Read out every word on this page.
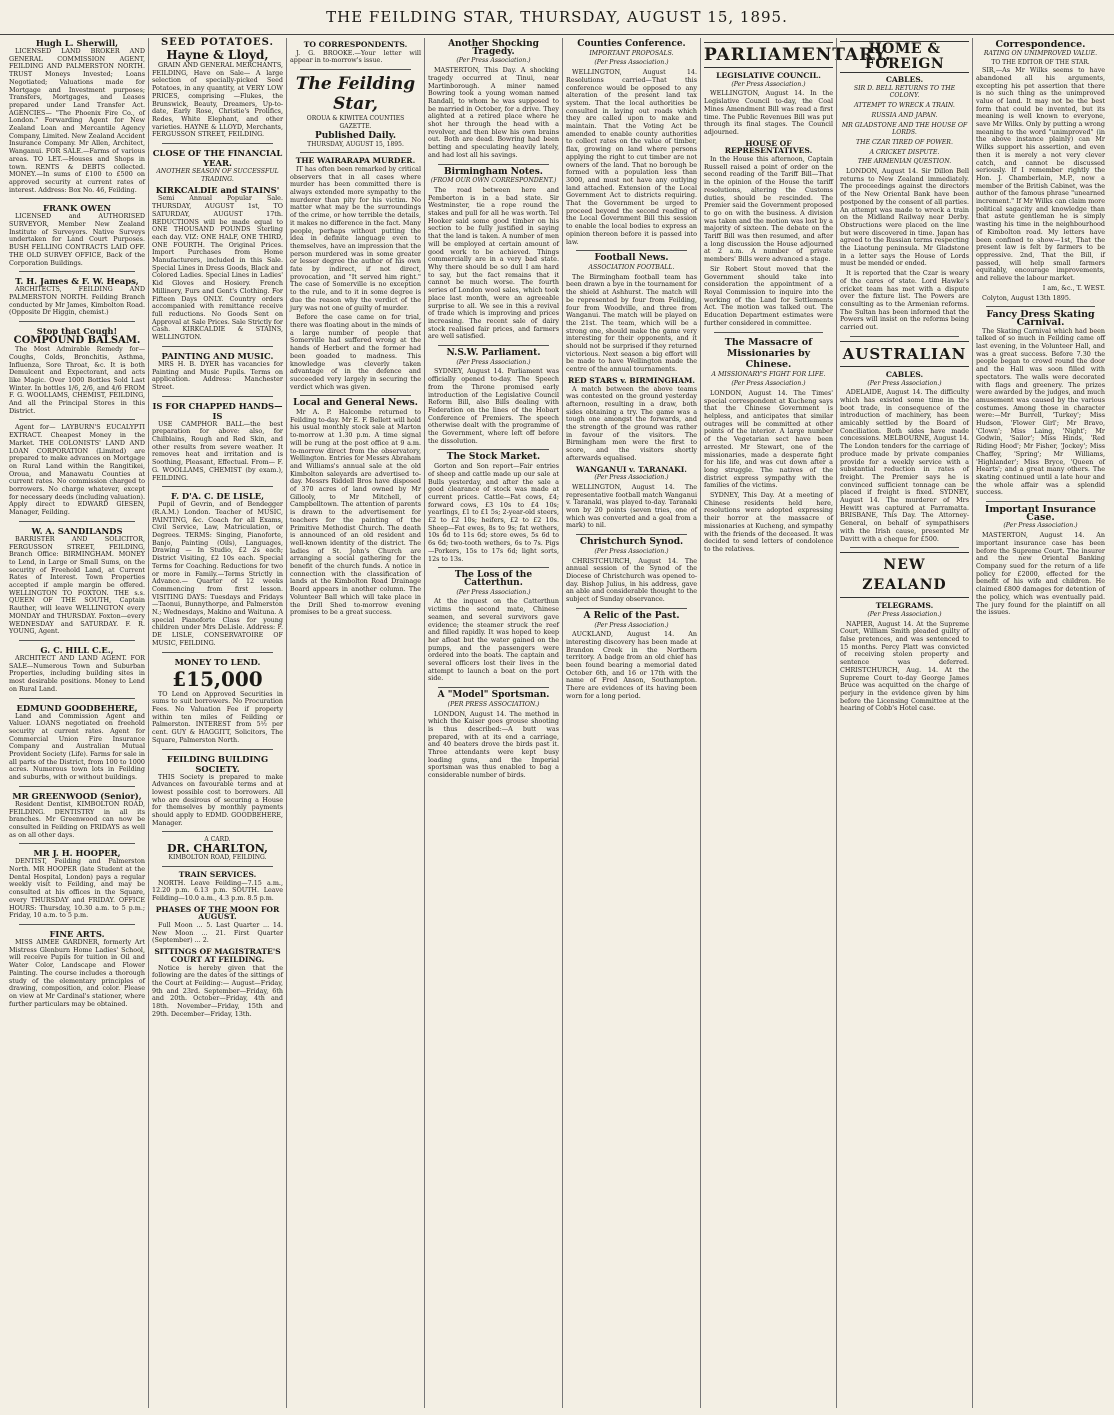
THE FEILDING STAR, THURSDAY, AUGUST 15, 1895.
Hugh L. Sherwill,

LICENSED LAND BROKER AND GENERAL COMMISSION AGENT, FEILDING AND PALMERSTON NORTH. TRUST Moneys Invested; Loans Negotiated; Valuations made for Mortgage and Investment purposes; Transfers, Mortgages, and Leases prepared under Land Transfer Act. AGENCIES— "The Phoenix Fire Co., of London." Forwarding Agent for New Zealand Loan and Mercantile Agency Company, Limited. New Zealand Accident Insurance Company. Mr Allen, Architect, Wanganui. FOR SALE.—Farms of various areas. TO LET.—Houses and Shops in town. RENTS & DEBTS collected. MONEY.—In sums of £100 to £500 on approved security at current rates of interest. Address: Box No. 46, Feilding.

FRANK OWEN

LICENSED and AUTHORISED SURVEYOR, Member New Zealand Institute of Surveyors. Native Surveys undertaken for Land Court Purposes. BUSH FELLING CONTRACTS LAID OFF. THE OLD SURVEY OFFICE, Back of the Corporation Buildings.

T. H. James & F. W. Heaps,

ARCHITECTS, FEILDING AND PALMERSTON NORTH. Feilding Branch conducted by Mr James, Kimbolton Road. (Opposite Dr Higgin, chemist.)

Stop that Cough!
COMPOUND BALSAM.

The Most Admirable Remedy for— Coughs, Colds, Bronchitis, Asthma, Influenza, Sore Throat, &c. It is both Demulcent and Expectorant, and acts like Magic. Over 1000 Bottles Sold Last Winter. In bottles 1/6, 2/6, and 4/6 FROM F. G. WOOLLAMS, CHEMIST, FEILDING, And all the Principal Stores in this District.

Agent for— LAYBURN'S EUCALYPTI EXTRACT. Cheapest Money in the Market. THE COLONISTS' LAND AND LOAN CORPORATION (Limited) are prepared to make advances on Mortgage on Rural Land within the Rangitikei, Oroua, and Manawatu Counties at current rates. No commission charged to borrowers. No charge whatever, except for necessary deeds (including valuation). Apply direct to EDWARD GIESEN, Manager, Feilding.

W. A. SANDILANDS

BARRISTER AND SOLICITOR, FERGUSSON STREET, FEILDING, Branch Office: BIRMINGHAM. MONEY to Lend, in Large or Small Sums, on the security of Freehold Land, at Current Rates of Interest. Town Properties accepted if ample margin be offered. WELLINGTON TO FOXTON. THE s.s. QUEEN OF THE SOUTH, Captain Rauther, will leave WELLINGTON every MONDAY and THURSDAY. Foxton—every WEDNESDAY and SATURDAY. F. R. YOUNG, Agent.

G. C. HILL C.E.,

ARCHITECT AND LAND AGENT. FOR SALE—Numerous Town and Suburban Properties, including building sites in most desirable positions. Money to Lend on Rural Land.

EDMUND GOODBEHERE,

Land and Commission Agent and Valuer. LOANS negotiated on freehold security at current rates. Agent for Commercial Union Fire Insurance Company and Australian Mutual Provident Society (Life). Farms for sale in all parts of the District, from 100 to 1000 acres. Numerous town lots in Feilding and suburbs, with or without buildings.

MR GREENWOOD (Senior),

Resident Dentist, KIMBOLTON ROAD, FEILDING. DENTISTRY in all its branches. Mr Greenwood can now be consulted in Feilding on FRIDAYS as well as on all other days.

MR J. H. HOOPER,

DENTIST, Feilding and Palmerston North. MR HOOPER (late Student at the Dental Hospital, London) pays a regular weekly visit to Feilding, and may be consulted at his offices in the Square, every THURSDAY and FRIDAY. OFFICE HOURS: Thursday, 10.30 a.m. to 5 p.m.; Friday, 10 a.m. to 5 p.m.

FINE ARTS.

MISS AIMEE GARDNER, formerly Art Mistress Glenburn Home Ladies' School, will receive Pupils for tuition in Oil and Water Color, Landscape and Flower Painting. The course includes a thorough study of the elementary principles of drawing, composition, and color. Please on view at Mr Cardinal's stationer, where further particulars may be obtained.

SEED POTATOES.
Hayne & Lloyd,

GRAIN AND GENERAL MERCHANTS, FEILDING, Have on Sale— A large selection of specially-picked Seed Potatoes, in any quantity, at VERY LOW PRICES, comprising —Flukes, the Brunswick, Beauty, Dreamers, Up-to-date, Early Rose, Christie's Prolifics, Redes, White Elephant, and other varieties. HAYNE & LLOYD, Merchants, FERGUSSON STREET, FEILDING.

CLOSE OF THE FINANCIAL YEAR.
ANOTHER SEASON OF SUCCESSFUL TRADING.
KIRKCALDIE and STAINS'

Semi Annual Popular Sale. THURSDAY, AUGUST 1st, TO SATURDAY, AUGUST 17th. REDUCTIONS will be made equal to ONE THOUSAND POUNDS Sterling each day. VIZ: ONE HALF, ONE THIRD, ONE FOURTH. The Original Prices. Import Purchases from Home Manufacturers, included in this Sale. Special Lines in Dress Goods, Black and Colored Ladies. Special Lines in Ladies' Kid Gloves and Hosiery. French Millinery, Furs and Gent's Clothing. For Fifteen Days ONLY. Country orders accompanied with remittance receive full reductions. No Goods Sent on Approval at Sale Prices. Sale Strictly for Cash. KIRKCALDIE & STAINS, WELLINGTON.

PAINTING AND MUSIC.

MRS H. B. DYER has vacancies for Painting and Music Pupils. Terms on application. Address: Manchester Street.

IS FOR CHAPPED HANDS—IS

USE CAMPHOR BALL—the best preparation for above: also, for Chilblains, Rough and Red Skin, and other results from severe weather. It removes heat and irritation and is Soothing, Pleasant, Effectual. From— F. G. WOOLLAMS, CHEMIST (by exam.), FEILDING.

F. D'A. C. DE LISLE,

Pupil of Gevrin, and of Bendegger (R.A.M.) London. Teacher of MUSIC, PAINTING, &c. Coach for all Exams, Civil Service, Law, Matriculation, or Degrees. TERMS: Singing, Pianoforte, Banjo, Painting (Oils), Languages, Drawing — In Studio, £2 2s each; District Visiting, £2 10s each. Special Terms for Coaching. Reductions for two or more in Family.—Terms Strictly in Advance.— Quarter of 12 weeks Commencing from first lesson. VISITING DAYS: Tuesdays and Fridays—Taonui, Bunnythorpe, and Palmerston N.; Wednesdays, Makino and Waituna. A special Pianoforte Class for young children under Mrs DeLisle. Address: F. DE LISLE, CONSERVATOIRE OF MUSIC, FEILDING.

MONEY TO LEND.
£15,000

TO Lend on Approved Securities in sums to suit borrowers. No Procuration Fees. No Valuation Fee if property within ten miles of Feilding or Palmerston. INTEREST from 5½ per cent. GUY & HAGGITT, Solicitors, The Square, Palmerston North.

FEILDING BUILDING SOCIETY.

THIS Society is prepared to make Advances on favourable terms and at lowest possible cost to borrowers. All who are desirous of securing a House for themselves by monthly payments should apply to EDMD. GOODBEHERE, Manager.

A CARD.
DR. CHARLTON,
KIMBOLTON ROAD, FEILDING.
TRAIN SERVICES.

NORTH. Leave Feilding—7.15 a.m., 12.20 p.m. 6.13 p.m. SOUTH. Leave Feilding—10.0 a.m., 4.3 p.m. 8.5 p.m.

PHASES OF THE MOON FOR AUGUST.

Full Moon ... 5. Last Quarter ... 14. New Moon ... 21. First Quarter (September) ... 2.

SITTINGS OF MAGISTRATE'S COURT AT FEILDING.

Notice is hereby given that the following are the dates of the sittings of the Court at Feilding:— August—Friday, 9th and 23rd. September—Friday, 6th and 20th. October—Friday, 4th and 18th. November—Friday, 15th and 29th. December—Friday, 13th.

TO CORRESPONDENTS.

J. G. BROOKE.—Your letter will appear in to-morrow's issue.

The Feilding Star,
OROUA & KIWITEA COUNTIES GAZETTE.
Published Daily.
THURSDAY, AUGUST 15, 1895.
THE WAIRARAPA MURDER.

IT has often been remarked by critical observers that in all cases where murder has been committed there is always extended more sympathy to the murderer than pity for his victim. No matter what may be the surroundings of the crime, or how terrible the details, it makes no difference in the fact. Many people, perhaps without putting the idea in definite language even to themselves, have an impression that the person murdered was in some greater or lesser degree the author of his own fate by indirect, if not direct, provocation, and "It served him right." The case of Somerville is no exception to the rule, and to it in some degree is due the reason why the verdict of the jury was not one of guilty of murder.

Before the case came on for trial, there was floating about in the minds of a large number of people that Somerville had suffered wrong at the hands of Herbert and the former had been goaded to madness. This knowledge was cleverly taken advantage of in the defence and succeeded very largely in securing the verdict which was given.

Local and General News.

Mr A. P. Halcombe returned to Feilding to-day. Mr E. F. Bellett will hold his usual monthly stock sale at Marton to-morrow at 1.30 p.m. A time signal will be rung at the post office at 9 a.m. to-morrow direct from the observatory, Wellington. Entries for Messrs Abraham and Williams's annual sale at the old Kimbolton saleyards are advertised to-day. Messrs Riddell Bros have disposed of 370 acres of land owned by Mr Gillooly, to Mr Mitchell, of Campbelltown. The attention of parents is drawn to the advertisement for teachers for the painting of the Primitive Methodist Church. The death is announced of an old resident and well-known identity of the district. The ladies of St. John's Church are arranging a social gathering for the benefit of the church funds. A notice in connection with the classification of lands at the Kimbolton Road Drainage Board appears in another column. The Volunteer Ball which will take place in the Drill Shed to-morrow evening promises to be a great success.

Another Shocking Tragedy.
(Per Press Association.)

MASTERTON, This Day. A shocking tragedy occurred at Tinui, near Martinborough. A miner named Bowring took a young woman named Randall, to whom he was supposed to be married in October, for a drive. They alighted at a retired place where he shot her through the head with a revolver, and then blew his own brains out. Both are dead. Bowring had been betting and speculating heavily lately, and had lost all his savings.

Birmingham Notes.
(FROM OUR OWN CORRESPONDENT.)

The road between here and Pemberton is in a bad state. Sir Westminster, tie a rope round the stakes and pull for all he was worth. Tel Hooker said some good timber on his section to be fully justified in saying that the land is taken. A number of men will be employed at certain amount of good work to be achieved. Things commercially are in a very bad state. Why there should be so dull I am hard to say, but the fact remains that it cannot be much worse. The fourth series of London wool sales, which took place last month, were an agreeable surprise to all. We see in this a revival of trade which is improving and prices increasing. The recent sale of dairy stock realised fair prices, and farmers are well satisfied.

N.S.W. Parliament.
(Per Press Association.)

SYDNEY, August 14. Parliament was officially opened to-day. The Speech from the Throne promised early introduction of the Legislative Council Reform Bill, also Bills dealing with Federation on the lines of the Hobart Conference of Premiers. The speech otherwise dealt with the programme of the Government, where left off before the dissolution.

The Stock Market.

Gorton and Son report—Fair entries of sheep and cattle made up our sale at Bulls yesterday, and after the sale a good clearance of stock was made at current prices. Cattle—Fat cows, £4; forward cows, £3 10s to £4 10s; yearlings, £1 to £1 5s; 2-year-old steers, £2 to £2 10s; heifers, £2 to £2 10s. Sheep—Fat ewes, 8s to 9s; fat wethers, 10s 6d to 11s 6d; store ewes, 5s 6d to 6s 6d; two-tooth wethers, 6s to 7s. Pigs—Porkers, 15s to 17s 6d; light sorts, 12s to 13s.

The Loss of the Catterthun.
(Per Press Association.)

At the inquest on the Catterthun victims the second mate, Chinese seamen, and several survivors gave evidence; the steamer struck the reef and filled rapidly. It was hoped to keep her afloat but the water gained on the pumps, and the passengers were ordered into the boats. The captain and several officers lost their lives in the attempt to launch a boat on the port side.

A "Model" Sportsman.
(PER PRESS ASSOCIATION.)

LONDON, August 14. The method in which the Kaiser goes grouse shooting is thus described:—A butt was prepared, with at its end a carriage, and 40 beaters drove the birds past it. Three attendants were kept busy loading guns, and the Imperial sportsman was thus enabled to bag a considerable number of birds.

Counties Conference.
IMPORTANT PROPOSALS.
(Per Press Association.)

WELLINGTON, August 14. Resolutions carried—That this conference would be opposed to any alteration of the present land tax system. That the local authorities be consulted in laying out roads which they are called upon to make and maintain. That the Voting Act be amended to enable county authorities to collect rates on the value of timber, flax, growing on land where persons applying the right to cut timber are not owners of the land. That no borough be formed with a population less than 3000, and must not have any outlying land attached. Extension of the Local Government Act to districts requiring. That the Government be urged to proceed beyond the second reading of the Local Government Bill this session to enable the local bodies to express an opinion thereon before it is passed into law.

Football News.
ASSOCIATION FOOTBALL.

The Birmingham football team has been drawn a bye in the tournament for the shield at Ashhurst. The match will be represented by four from Feilding, four from Woodville, and three from Wanganui. The match will be played on the 21st. The team, which will be a strong one, should make the game very interesting for their opponents, and it should not be surprised if they returned victorious. Next season a big effort will be made to have Wellington made the centre of the annual tournaments.

RED STARS v. BIRMINGHAM.

A match between the above teams was contested on the ground yesterday afternoon, resulting in a draw, both sides obtaining a try. The game was a tough one amongst the forwards, and the strength of the ground was rather in favour of the visitors. The Birmingham men were the first to score, and the visitors shortly afterwards equalised.

WANGANUI v. TARANAKI.
(Per Press Association.)

WELLINGTON, August 14. The representative football match Wanganui v. Taranaki, was played to-day. Taranaki won by 20 points (seven tries, one of which was converted and a goal from a mark) to nil.

Christchurch Synod.
(Per Press Association.)

CHRISTCHURCH, August 14. The annual session of the Synod of the Diocese of Christchurch was opened to-day. Bishop Julius, in his address, gave an able and considerable thought to the subject of Sunday observance.

A Relic of the Past.
(Per Press Association.)

AUCKLAND, August 14. An interesting discovery has been made at Brandon Creek in the Northern territory. A badge from an old chief has been found bearing a memorial dated October 6th, and 16 or 17th with the name of Fred Anson, Southampton. There are evidences of its having been worn for a long period.

PARLIAMENTARY.
LEGISLATIVE COUNCIL.
(Per Press Association.)

WELLINGTON, August 14. In the Legislative Council to-day, the Coal Mines Amendment Bill was read a first time. The Public Revenues Bill was put through its final stages. The Council adjourned.

HOUSE OF REPRESENTATIVES.

In the House this afternoon, Captain Russell raised a point of order on the second reading of the Tariff Bill—That in the opinion of the House the tariff resolutions, altering the Customs duties, should be rescinded. The Premier said the Government proposed to go on with the business. A division was taken and the motion was lost by a majority of sixteen. The debate on the Tariff Bill was then resumed, and after a long discussion the House adjourned at 2 a.m. A number of private members' Bills were advanced a stage.

Sir Robert Stout moved that the Government should take into consideration the appointment of a Royal Commission to inquire into the working of the Land for Settlements Act. The motion was talked out. The Education Department estimates were further considered in committee.

The Massacre of Missionaries by Chinese.
A MISSIONARY'S FIGHT FOR LIFE.
(Per Press Association.)

LONDON, August 14. The Times' special correspondent at Kucheng says that the Chinese Government is helpless, and anticipates that similar outrages will be committed at other points of the interior. A large number of the Vegetarian sect have been arrested. Mr Stewart, one of the missionaries, made a desperate fight for his life, and was cut down after a long struggle. The natives of the district express sympathy with the families of the victims.

SYDNEY, This Day. At a meeting of Chinese residents held here, resolutions were adopted expressing their horror at the massacre of missionaries at Kucheng, and sympathy with the friends of the deceased. It was decided to send letters of condolence to the relatives.

HOME & FOREIGN
CABLES.
SIR D. BELL RETURNS TO THE COLONY.
ATTEMPT TO WRECK A TRAIN.
RUSSIA AND JAPAN.
MR GLADSTONE AND THE HOUSE OF LORDS.
THE CZAR TIRED OF POWER.
A CRICKET DISPUTE.
THE ARMENIAN QUESTION.

LONDON, August 14. Sir Dillon Bell returns to New Zealand immediately. The proceedings against the directors of the New Oriental Bank have been postponed by the consent of all parties. An attempt was made to wreck a train on the Midland Railway near Derby. Obstructions were placed on the line but were discovered in time. Japan has agreed to the Russian terms respecting the Liaotung peninsula. Mr Gladstone in a letter says the House of Lords must be mended or ended.

It is reported that the Czar is weary of the cares of state. Lord Hawke's cricket team has met with a dispute over the fixture list. The Powers are consulting as to the Armenian reforms. The Sultan has been informed that the Powers will insist on the reforms being carried out.

AUSTRALIAN
CABLES.
(Per Press Association.)

ADELAIDE, August 14. The difficulty which has existed some time in the boot trade, in consequence of the introduction of machinery, has been amicably settled by the Board of Conciliation. Both sides have made concessions. MELBOURNE, August 14. The London tenders for the carriage of produce made by private companies provide for a weekly service with a substantial reduction in rates of freight. The Premier says he is convinced sufficient tonnage can be placed if freight is fixed. SYDNEY, August 14. The murderer of Mrs Hewitt was captured at Parramatta. BRISBANE, This Day. The Attorney-General, on behalf of sympathisers with the Irish cause, presented Mr Davitt with a cheque for £500.

NEW ZEALAND
TELEGRAMS.
(Per Press Association.)

NAPIER, August 14. At the Supreme Court, William Smith pleaded guilty of false pretences, and was sentenced to 15 months. Percy Platt was convicted of receiving stolen property and sentence was deferred. CHRISTCHURCH, Aug. 14. At the Supreme Court to-day George James Bruce was acquitted on the charge of perjury in the evidence given by him before the Licensing Committee at the hearing of Cobb's Hotel case.

Correspondence.
RATING ON UNIMPROVED VALUE.
TO THE EDITOR OF THE STAR.

SIR,—As Mr Wilks seems to have abandoned all his arguments, excepting his pet assertion that there is no such thing as the unimproved value of land. It may not be the best form that could be invented, but its meaning is well known to everyone, save Mr Wilks. Only by putting a wrong meaning to the word "unimproved" (in the above instance plainly) can Mr Wilks support his assertion, and even then it is merely a not very clever catch, and cannot be discussed seriously. If I remember rightly the Hon. J. Chamberlain, M.P., now a member of the British Cabinet, was the author of the famous phrase "unearned increment." If Mr Wilks can claim more political sagacity and knowledge than that astute gentleman he is simply wasting his time in the neighbourhood of Kimbolton road. My letters have been confined to show—1st, That the present law is felt by farmers to be oppressive. 2nd, That the Bill, if passed, will help small farmers equitably, encourage improvements, and relieve the labour market.

I am, &c., T. WEST.

Colyton, August 13th 1895.

Fancy Dress Skating Carnival.

The Skating Carnival which had been talked of so much in Feilding came off last evening, in the Volunteer Hall, and was a great success. Before 7.30 the people began to crowd round the door and the Hall was soon filled with spectators. The walls were decorated with flags and greenery. The prizes were awarded by the judges, and much amusement was caused by the various costumes. Among those in character were:—Mr Burrell, 'Turkey'; Miss Hudson, 'Flower Girl'; Mr Bravo, 'Clown'; Miss Laing, 'Night'; Mr Godwin, 'Sailor'; Miss Hinds, 'Red Riding Hood'; Mr Fisher, 'Jockey'; Miss Chaffey, 'Spring'; Mr Williams, 'Highlander'; Miss Bryce, 'Queen of Hearts'; and a great many others. The skating continued until a late hour and the whole affair was a splendid success.

Important Insurance Case.
(Per Press Association.)

MASTERTON, August 14. An important insurance case has been before the Supreme Court. The insurer and the new Oriental Banking Company sued for the return of a life policy for £2000, effected for the benefit of his wife and children. He claimed £800 damages for detention of the policy, which was eventually paid. The jury found for the plaintiff on all the issues.
